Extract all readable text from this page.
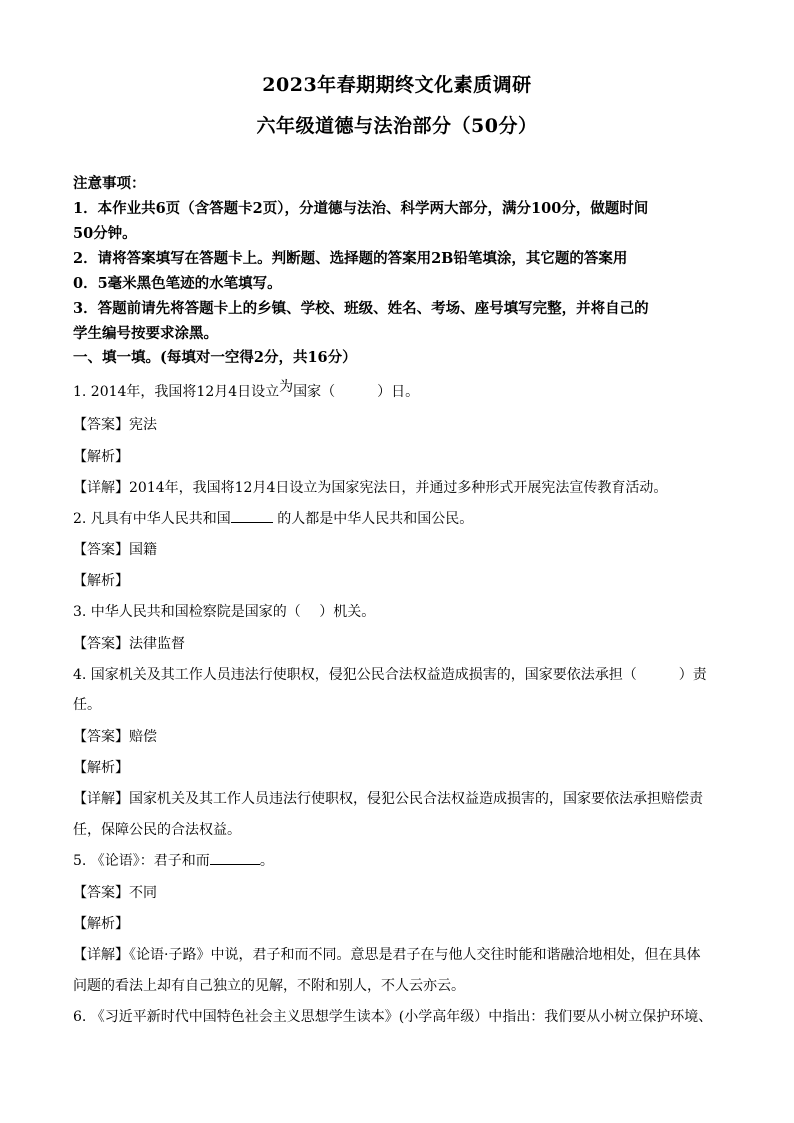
2023年春期期终文化素质调研
六年级道德与法治部分（50分）
注意事项：
1．本作业共6页（含答题卡2页），分道德与法治、科学两大部分，满分100分，做题时间
50分钟。
2．请将答案填写在答题卡上。判断题、选择题的答案用2B铅笔填涂，其它题的答案用
0．5毫米黑色笔迹的水笔填写。
3．答题前请先将答题卡上的乡镇、学校、班级、姓名、考场、座号填写完整，并将自己的
学生编号按要求涂黑。
一、填一填。(每填对一空得2分，共16分）
1. 2014年，我国将12月4日设立为国家（　　　）日。
【答案】宪法
【解析】
【详解】2014年，我国将12月4日设立为国家宪法日，并通过多种形式开展宪法宣传教育活动。
2. 凡具有中华人民共和国	的人都是中华人民共和国公民。
【答案】国籍
【解析】
3. 中华人民共和国检察院是国家的（　 ）机关。
【答案】法律监督
4. 国家机关及其工作人员违法行使职权，侵犯公民合法权益造成损害的，国家要依法承担（　　　）责
任。
【答案】赔偿
【解析】
【详解】国家机关及其工作人员违法行使职权，侵犯公民合法权益造成损害的，国家要依法承担赔偿责
任，保障公民的合法权益。
5. 《论语》：君子和而	。
【答案】不同
【解析】
【详解】《论语·子路》中说，君子和而不同。意思是君子在与他人交往时能和谐融洽地相处，但在具体
问题的看法上却有自己独立的见解，不附和别人，不人云亦云。
6. 《习近平新时代中国特色社会主义思想学生读本》(小学高年级）中指出：我们要从小树立保护环境、
